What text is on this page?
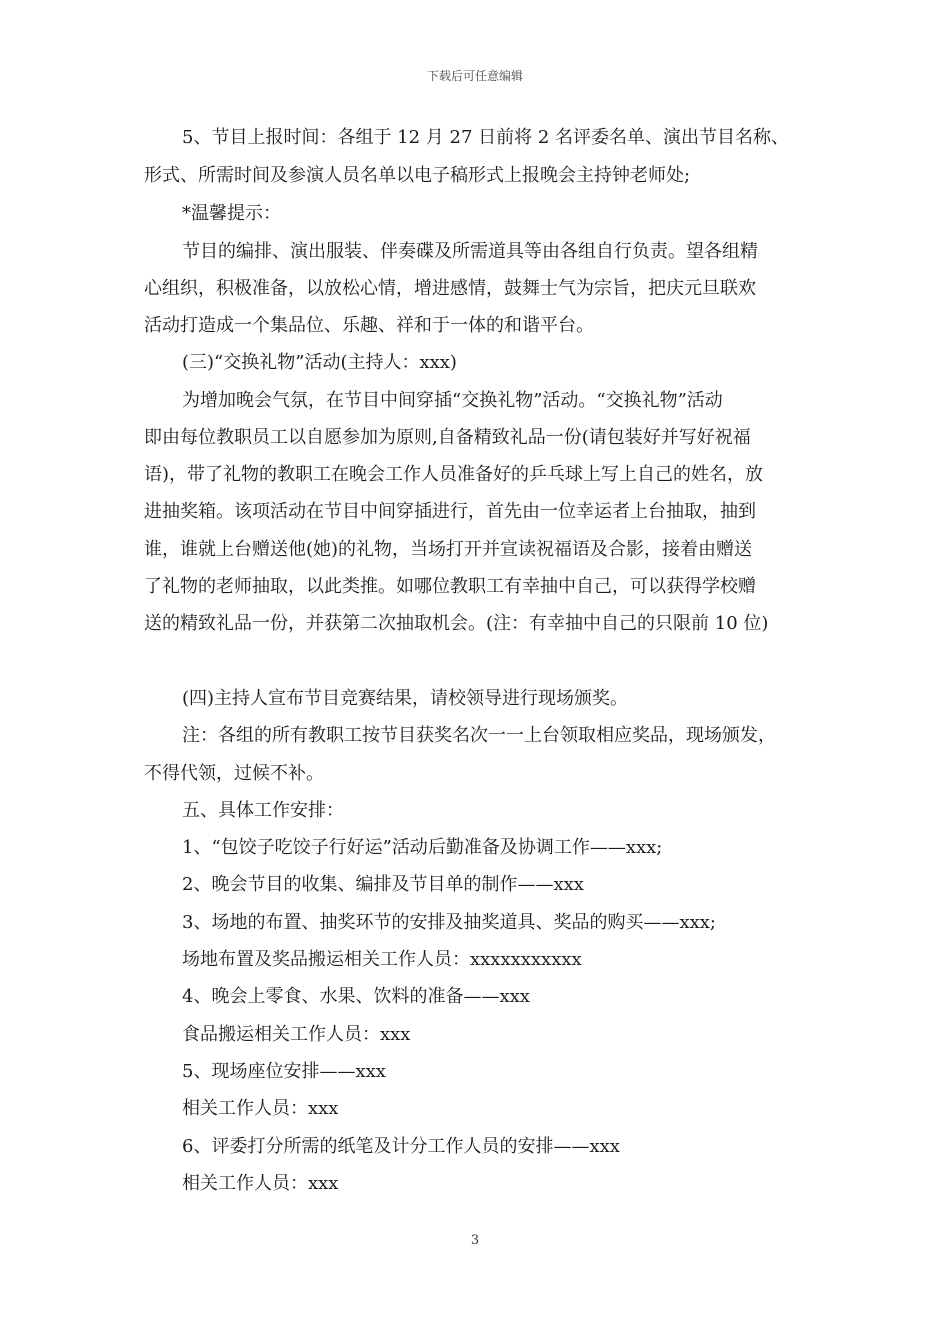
下载后可任意编辑
5、节目上报时间：各组于 12 月 27 日前将 2 名评委名单、演出节目名称、
形式、所需时间及参演人员名单以电子稿形式上报晚会主持钟老师处;
*温馨提示：
节目的编排、演出服装、伴奏碟及所需道具等由各组自行负责。望各组精
心组织，积极准备，以放松心情，增进感情，鼓舞士气为宗旨，把庆元旦联欢
活动打造成一个集品位、乐趣、祥和于一体的和谐平台。
(三)“交换礼物”活动(主持人：xxx)
为增加晚会气氛，在节目中间穿插“交换礼物”活动。“交换礼物”活动
即由每位教职员工以自愿参加为原则,自备精致礼品一份(请包装好并写好祝福
语)，带了礼物的教职工在晚会工作人员准备好的乒乓球上写上自己的姓名，放
进抽奖箱。该项活动在节目中间穿插进行，首先由一位幸运者上台抽取，抽到
谁，谁就上台赠送他(她)的礼物，当场打开并宣读祝福语及合影，接着由赠送
了礼物的老师抽取，以此类推。如哪位教职工有幸抽中自己，可以获得学校赠
送的精致礼品一份，并获第二次抽取机会。(注：有幸抽中自己的只限前 10 位)
(四)主持人宣布节目竞赛结果，请校领导进行现场颁奖。
注：各组的所有教职工按节目获奖名次一一上台领取相应奖品，现场颁发，
不得代领，过候不补。
五、具体工作安排：
1、“包饺子吃饺子行好运”活动后勤准备及协调工作——xxx;
2、晚会节目的收集、编排及节目单的制作——xxx
3、场地的布置、抽奖环节的安排及抽奖道具、奖品的购买——xxx;
场地布置及奖品搬运相关工作人员：xxxxxxxxxxx
4、晚会上零食、水果、饮料的准备——xxx
食品搬运相关工作人员：xxx
5、现场座位安排——xxx
相关工作人员：xxx
6、评委打分所需的纸笔及计分工作人员的安排——xxx
相关工作人员：xxx
3
